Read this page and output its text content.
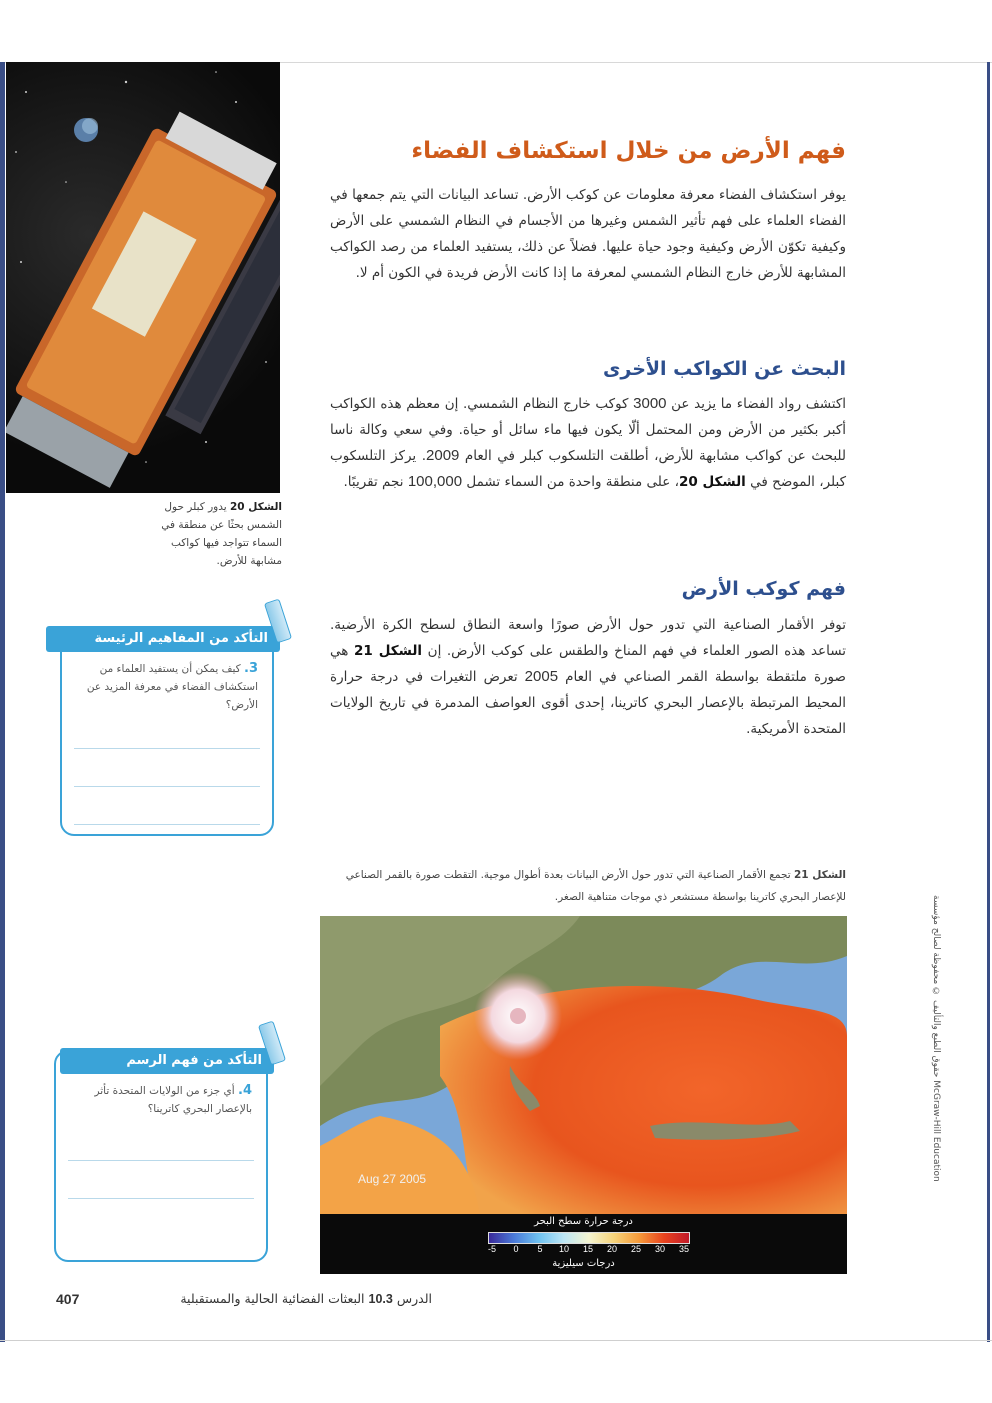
الشكل 20 يدور كبلر حول الشمس بحثًا عن منطقة في السماء تتواجد فيها كواكب مشابهة للأرض.
فهم الأرض من خلال استكشاف الفضاء

يوفر استكشاف الفضاء معرفة معلومات عن كوكب الأرض. تساعد البيانات التي يتم جمعها في الفضاء العلماء على فهم تأثير الشمس وغيرها من الأجسام في النظام الشمسي على الأرض وكيفية تكوّن الأرض وكيفية وجود حياة عليها. فضلاً عن ذلك، يستفيد العلماء من رصد الكواكب المشابهة للأرض خارج النظام الشمسي لمعرفة ما إذا كانت الأرض فريدة في الكون أم لا.

البحث عن الكواكب الأخرى

اكتشف رواد الفضاء ما يزيد عن 3000 كوكب خارج النظام الشمسي. إن معظم هذه الكواكب أكبر بكثير من الأرض ومن المحتمل ألّا يكون فيها ماء سائل أو حياة. وفي سعي وكالة ناسا للبحث عن كواكب مشابهة للأرض، أطلقت التلسكوب كبلر في العام 2009. يركز التلسكوب كبلر، الموضح في الشكل 20، على منطقة واحدة من السماء تشمل 100,000 نجم تقريبًا.

فهم كوكب الأرض

توفر الأقمار الصناعية التي تدور حول الأرض صورًا واسعة النطاق لسطح الكرة الأرضية. تساعد هذه الصور العلماء في فهم المناخ والطقس على كوكب الأرض. إن الشكل 21 هي صورة ملتقطة بواسطة القمر الصناعي في العام 2005 تعرض التغيرات في درجة حرارة المحيط المرتبطة بالإعصار البحري كاترينا، إحدى أقوى العواصف المدمرة في تاريخ الولايات المتحدة الأمريكية.

التأكد من المفاهيم الرئيسة
3. كيف يمكن أن يستفيد العلماء من استكشاف الفضاء في معرفة المزيد عن الأرض؟
الشكل 21 تجمع الأقمار الصناعية التي تدور حول الأرض البيانات بعدة أطوال موجية. التقطت صورة بالقمر الصناعي للإعصار البحري كاترينا بواسطة مستشعر ذي موجات متناهية الصغر.
Aug 27 2005
درجة حرارة سطح البحر
-5 0 5 10 15 20 25 30 35
درجات سيليزية
التأكد من فهم الرسم
4. أي جزء من الولايات المتحدة تأثر بالإعصار البحري كاترينا؟
حقوق الطبع والتأليف © محفوظة لصالح مؤسسة McGraw-Hill Education
407	الدرس 10.3 البعثات الفضائية الحالية والمستقبلية
